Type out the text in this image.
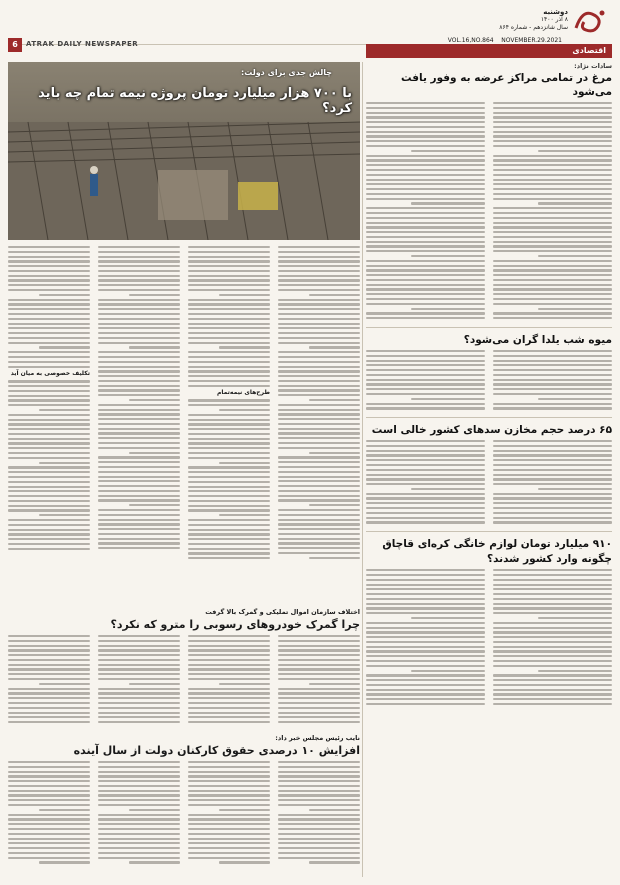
دوشنبه
۸ آذر ۱۴۰۰
سال شانزدهم - شماره ۸۶۴
VOL.16,NO.864 NOVEMBER.29.2021
6	ATRAK DAILY NEWSPAPER
اقتصادی
سادات نژاد:
مرغ در تمامی مراکز عرضه به وفور یافت می‌شود
میوه شب یلدا گران می‌شود؟
۶۵ درصد حجم مخازن سدهای کشور خالی است
۹۱۰ میلیارد تومان لوازم خانگی کره‌ای قاچاق
چگونه وارد کشور شدند؟
چالش جدی برای دولت:
با ۷۰۰ هزار میلیارد تومان پروژه نیمه تمام چه باید کرد؟
طرح‌های نیمه‌تمام
تکلیف خصوصی به میان آید
اختلاف سازمان اموال تملیکی و گمرک بالا گرفت
چرا گمرک خودروهای رسوبی را مترو که نکرد؟
نایب رئیس مجلس خبر داد:
افزایش ۱۰ درصدی حقوق کارکنان دولت از سال آینده
